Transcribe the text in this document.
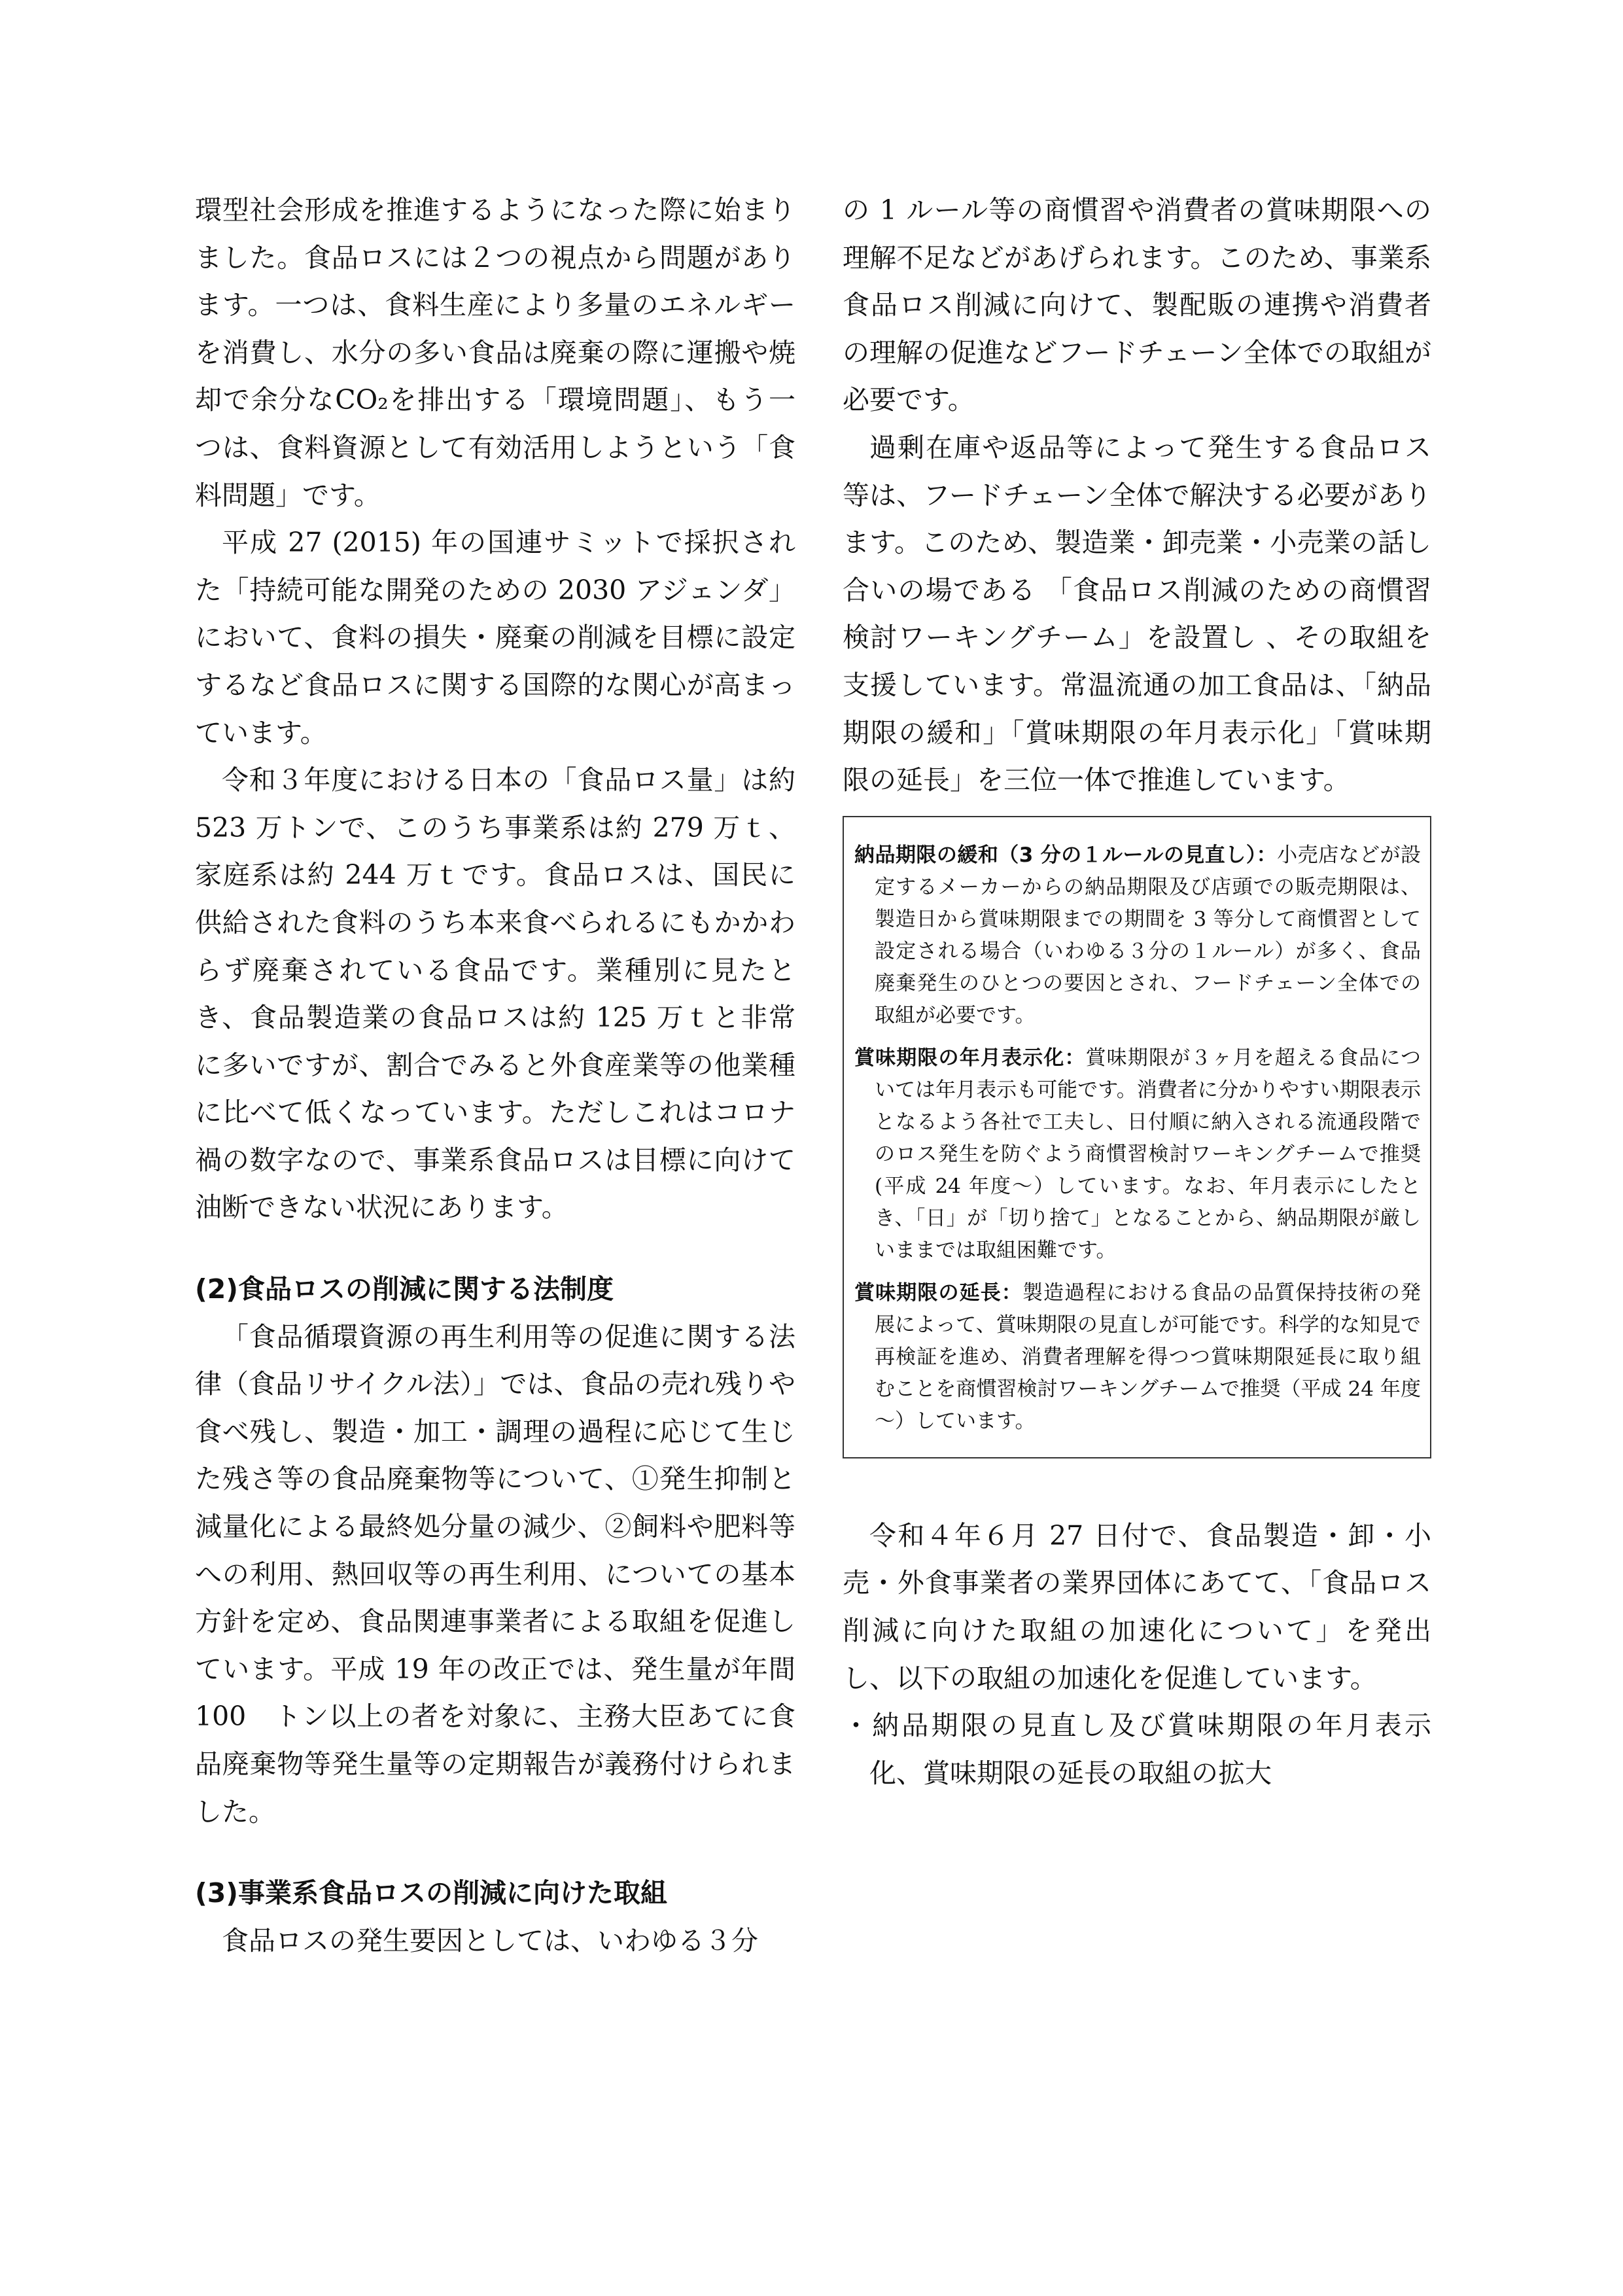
環型社会形成を推進するようになった際に始まりました。食品ロスには２つの視点から問題があります。一つは、食料生産により多量のエネルギーを消費し、水分の多い食品は廃棄の際に運搬や焼却で余分なCO₂を排出する「環境問題」、もう一つは、食料資源として有効活用しようという「食料問題」です。

平成 27 (2015) 年の国連サミットで採択された「持続可能な開発のための 2030 アジェンダ」において、食料の損失・廃棄の削減を目標に設定するなど食品ロスに関する国際的な関心が高まっています。

令和３年度における日本の「食品ロス量」は約 523 万トンで、このうち事業系は約 279 万ｔ、家庭系は約 244 万ｔです。食品ロスは、国民に供給された食料のうち本来食べられるにもかかわらず廃棄されている食品です。業種別に見たとき、食品製造業の食品ロスは約 125 万ｔと非常に多いですが、割合でみると外食産業等の他業種に比べて低くなっています。ただしこれはコロナ禍の数字なので、事業系食品ロスは目標に向けて油断できない状況にあります。

(2)食品ロスの削減に関する法制度

「食品循環資源の再生利用等の促進に関する法律（食品リサイクル法）」では、食品の売れ残りや食べ残し、製造・加工・調理の過程に応じて生じた残さ等の食品廃棄物等について、①発生抑制と減量化による最終処分量の減少、②飼料や肥料等への利用、熱回収等の再生利用、についての基本方針を定め、食品関連事業者による取組を促進しています。平成 19 年の改正では、発生量が年間 100　トン以上の者を対象に、主務大臣あてに食品廃棄物等発生量等の定期報告が義務付けられました。

(3)事業系食品ロスの削減に向けた取組

食品ロスの発生要因としては、いわゆる３分

の 1 ルール等の商慣習や消費者の賞味期限への理解不足などがあげられます。このため、事業系食品ロス削減に向けて、製配販の連携や消費者の理解の促進などフードチェーン全体での取組が必要です。

過剰在庫や返品等によって発生する食品ロス等は、フードチェーン全体で解決する必要があります。このため、製造業・卸売業・小売業の話し合いの場である 「食品ロス削減のための商慣習検討ワーキングチーム」を設置し 、その取組を支援しています。常温流通の加工食品は、「納品期限の緩和」「賞味期限の年月表示化」「賞味期限の延長」を三位一体で推進しています。

納品期限の緩和（3 分の１ルールの見直し）：小売店などが設定するメーカーからの納品期限及び店頭での販売期限は、製造日から賞味期限までの期間を 3 等分して商慣習として設定される場合（いわゆる３分の１ルール）が多く、食品廃棄発生のひとつの要因とされ、フードチェーン全体での取組が必要です。

賞味期限の年月表示化：賞味期限が３ヶ月を超える食品については年月表示も可能です。消費者に分かりやすい期限表示となるよう各社で工夫し、日付順に納入される流通段階でのロス発生を防ぐよう商慣習検討ワーキングチームで推奨(平成 24 年度～）しています。なお、年月表示にしたとき、「日」が「切り捨て」となることから、納品期限が厳しいままでは取組困難です。

賞味期限の延長：製造過程における食品の品質保持技術の発展によって、賞味期限の見直しが可能です。科学的な知見で再検証を進め、消費者理解を得つつ賞味期限延長に取り組むことを商慣習検討ワーキングチームで推奨（平成 24 年度～）しています。

令和４年６月 27 日付で、食品製造・卸・小売・外食事業者の業界団体にあてて、「食品ロス削減に向けた取組の加速化について」を発出し、以下の取組の加速化を促進しています。

・納品期限の見直し及び賞味期限の年月表示化、賞味期限の延長の取組の拡大
